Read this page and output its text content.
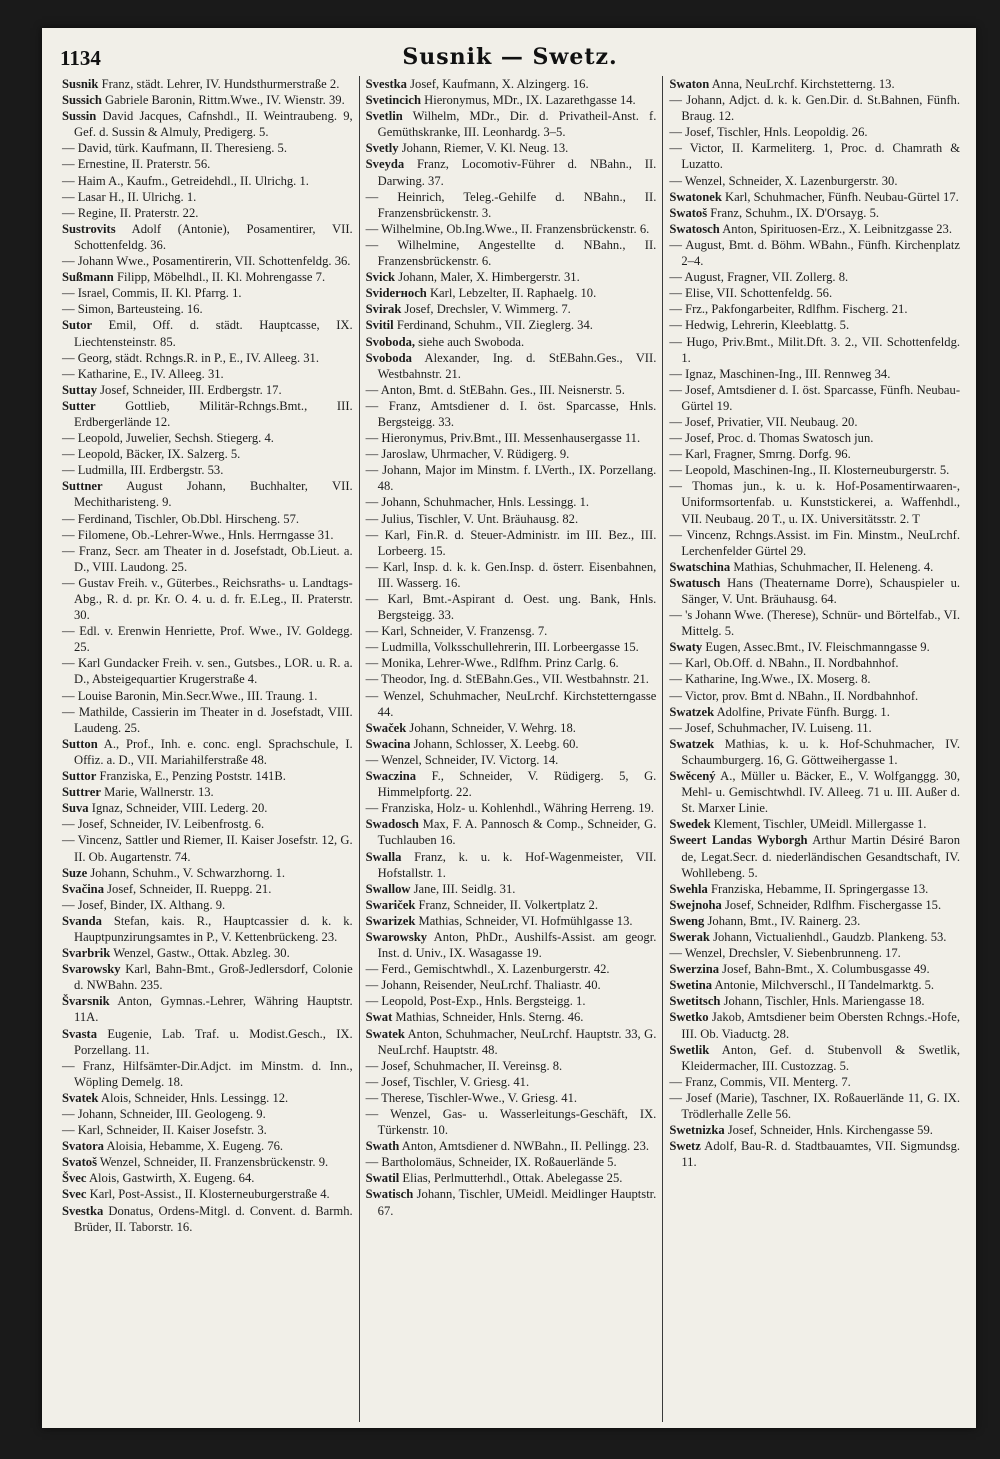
1134	Susnik — Swetz.
Susnik Franz, städt. Lehrer, IV. Hundsthurmerstraße 2.
Sussich Gabriele Baronin, Rittm.Wwe., IV. Wienstr. 39.
Sussin David Jacques, Cafnshdl., II. Weintraubeng. 9, Gef. d. Sussin & Almuly, Predigerg. 5.
— David, türk. Kaufmann, II. Theresieng. 5.
— Ernestine, II. Praterstr. 56.
— Haim A., Kaufm., Getreidehdl., II. Ulrichg. 1.
— Lasar H., II. Ulrichg. 1.
— Regine, II. Praterstr. 22.
Sustrovits Adolf (Antonie), Posamentirer, VII. Schottenfeldg. 36.
— Johann Wwe., Posamentirerin, VII. Schottenfeldg. 36.
Sußmann Filipp, Möbelhdl., II. Kl. Mohrengasse 7.
— Israel, Commis, II. Kl. Pfarrg. 1.
— Simon, Barteusteing. 16.
Sutor Emil, Off. d. städt. Hauptcasse, IX. Liechtensteinstr. 85.
— Georg, städt. Rchngs.R. in P., E., IV. Alleeg. 31.
— Katharine, E., IV. Alleeg. 31.
Suttay Josef, Schneider, III. Erdbergstr. 17.
Sutter Gottlieb, Militär-Rchngs.Bmt., III. Erdbergerlände 12.
— Leopold, Juwelier, Sechsh. Stiegerg. 4.
— Leopold, Bäcker, IX. Salzerg. 5.
— Ludmilla, III. Erdbergstr. 53.
Suttner August Johann, Buchhalter, VII. Mechitharisteng. 9.
— Ferdinand, Tischler, Ob.Dbl. Hirscheng. 57.
— Filomene, Ob.-Lehrer-Wwe., Hnls. Herrngasse 31.
— Franz, Secr. am Theater in d. Josefstadt, Ob.Lieut. a. D., VIII. Laudong. 25.
— Gustav Freih. v., Güterbes., Reichsraths- u. Landtags-Abg., R. d. pr. Kr. O. 4. u. d. fr. E.Leg., II. Praterstr. 30.
— Edl. v. Erenwin Henriette, Prof. Wwe., IV. Goldegg. 25.
— Karl Gundacker Freih. v. sen., Gutsbes., LOR. u. R. a. D., Absteigequartier Krugerstraße 4.
— Louise Baronin, Min.Secr.Wwe., III. Traung. 1.
— Mathilde, Cassierin im Theater in d. Josefstadt, VIII. Laudeng. 25.
Sutton A., Prof., Inh. e. conc. engl. Sprachschule, I. Offiz. a. D., VII. Mariahilferstraße 48.
Suttor Franziska, E., Penzing Poststr. 141B.
Suttrer Marie, Wallnerstr. 13.
Suva Ignaz, Schneider, VIII. Lederg. 20.
— Josef, Schneider, IV. Leibenfrostg. 6.
— Vincenz, Sattler und Riemer, II. Kaiser Josefstr. 12, G. II. Ob. Augartenstr. 74.
Suze Johann, Schuhm., V. Schwarzhorng. 1.
Svačina Josef, Schneider, II. Rueppg. 21.
— Josef, Binder, IX. Althang. 9.
Svanda Stefan, kais. R., Hauptcassier d. k. k. Hauptpunzirungsamtes in P., V. Kettenbrückeng. 23.
Svarbrik Wenzel, Gastw., Ottak. Abzleg. 30.
Svarowsky Karl, Bahn-Bmt., Groß-Jedlersdorf, Colonie d. NWBahn. 235.
Švarsnik Anton, Gymnas.-Lehrer, Währing Hauptstr. 11A.
Svasta Eugenie, Lab. Traf. u. Modist.Gesch., IX. Porzellang. 11.
— Franz, Hilfsämter-Dir.Adjct. im Minstm. d. Inn., Wöpling Demelg. 18.
Svatek Alois, Schneider, Hnls. Lessingg. 12.
— Johann, Schneider, III. Geologeng. 9.
— Karl, Schneider, II. Kaiser Josefstr. 3.
Svatora Aloisia, Hebamme, X. Eugeng. 76.
Svatoš Wenzel, Schneider, II. Franzensbrückenstr. 9.
Švec Alois, Gastwirth, X. Eugeng. 64.
Svec Karl, Post-Assist., II. Klosterneuburgerstraße 4.
Svestka Donatus, Ordens-Mitgl. d. Convent. d. Barmh. Brüder, II. Taborstr. 16.
Svestka Josef, Kaufmann, X. Alzingerg. 16.
Svetincich Hieronymus, MDr., IX. Lazarethgasse 14.
Svetlin Wilhelm, MDr., Dir. d. Privatheil-Anst. f. Gemüthskranke, III. Leonhardg. 3–5.
Svetly Johann, Riemer, V. Kl. Neug. 13.
Sveyda Franz, Locomotiv-Führer d. NBahn., II. Darwing. 37.
— Heinrich, Teleg.-Gehilfe d. NBahn., II. Franzensbrückenstr. 3.
— Wilhelmine, Ob.Ing.Wwe., II. Franzensbrückenstr. 6.
— Wilhelmine, Angestellte d. NBahn., II. Franzensbrückenstr. 6.
Svick Johann, Maler, X. Himbergerstr. 31.
Sviderноch Karl, Lebzelter, II. Raphaelg. 10.
Svirak Josef, Drechsler, V. Wimmerg. 7.
Svitil Ferdinand, Schuhm., VII. Zieglerg. 34.
Svoboda, siehe auch Swoboda.
Svoboda Alexander, Ing. d. StEBahn.Ges., VII. Westbahnstr. 21.
— Anton, Bmt. d. StEBahn. Ges., III. Neisnerstr. 5.
— Franz, Amtsdiener d. I. öst. Sparcasse, Hnls. Bergsteigg. 33.
— Hieronymus, Priv.Bmt., III. Messenhausergasse 11.
— Jaroslaw, Uhrmacher, V. Rüdigerg. 9.
— Johann, Major im Minstm. f. LVerth., IX. Porzellang. 48.
— Johann, Schuhmacher, Hnls. Lessingg. 1.
— Julius, Tischler, V. Unt. Bräuhausg. 82.
— Karl, Fin.R. d. Steuer-Administr. im III. Bez., III. Lorbeerg. 15.
— Karl, Insp. d. k. k. Gen.Insp. d. österr. Eisenbahnen, III. Wasserg. 16.
— Karl, Bmt.-Aspirant d. Oest. ung. Bank, Hnls. Bergsteigg. 33.
— Karl, Schneider, V. Franzensg. 7.
— Ludmilla, Volksschullehrerin, III. Lorbeergasse 15.
— Monika, Lehrer-Wwe., Rdlfhm. Prinz Carlg. 6.
— Theodor, Ing. d. StEBahn.Ges., VII. Westbahnstr. 21.
— Wenzel, Schuhmacher, NeuLrchf. Kirchstetterngasse 44.
Swaček Johann, Schneider, V. Wehrg. 18.
Swacina Johann, Schlosser, X. Leebg. 60.
— Wenzel, Schneider, IV. Victorg. 14.
Swaczina F., Schneider, V. Rüdigerg. 5, G. Himmelpfortg. 22.
— Franziska, Holz- u. Kohlenhdl., Währing Herreng. 19.
Swadosch Max, F. A. Pannosch & Comp., Schneider, G. Tuchlauben 16.
Swalla Franz, k. u. k. Hof-Wagenmeister, VII. Hofstallstr. 1.
Swallow Jane, III. Seidlg. 31.
Swariček Franz, Schneider, II. Volkertplatz 2.
Swarizek Mathias, Schneider, VI. Hofmühlgasse 13.
Swarowsky Anton, PhDr., Aushilfs-Assist. am geogr. Inst. d. Univ., IX. Wasagasse 19.
— Ferd., Gemischtwhdl., X. Lazenburgerstr. 42.
— Johann, Reisender, NeuLrchf. Thaliastr. 40.
— Leopold, Post-Exp., Hnls. Bergsteigg. 1.
Swat Mathias, Schneider, Hnls. Sterng. 46.
Swatek Anton, Schuhmacher, NeuLrchf. Hauptstr. 33, G. NeuLrchf. Hauptstr. 48.
— Josef, Schuhmacher, II. Vereinsg. 8.
— Josef, Tischler, V. Griesg. 41.
— Therese, Tischler-Wwe., V. Griesg. 41.
— Wenzel, Gas- u. Wasserleitungs-Geschäft, IX. Türkenstr. 10.
Swath Anton, Amtsdiener d. NWBahn., II. Pellingg. 23.
— Bartholomäus, Schneider, IX. Roßauerlände 5.
Swatil Elias, Perlmutterhdl., Ottak. Abelegasse 25.
Swatisch Johann, Tischler, UMeidl. Meidlinger Hauptstr. 67.
Swaton Anna, NeuLrchf. Kirchstetterng. 13.
— Johann, Adjct. d. k. k. Gen.Dir. d. St.Bahnen, Fünfh. Braug. 12.
— Josef, Tischler, Hnls. Leopoldig. 26.
— Victor, II. Karmeliterg. 1, Proc. d. Chamrath & Luzatto.
— Wenzel, Schneider, X. Lazenburgerstr. 30.
Swatonek Karl, Schuhmacher, Fünfh. Neubau-Gürtel 17.
Swatoš Franz, Schuhm., IX. D'Orsayg. 5.
Swatosch Anton, Spirituosen-Erz., X. Leibnitzgasse 23.
— August, Bmt. d. Böhm. WBahn., Fünfh. Kirchenplatz 2–4.
— August, Fragner, VII. Zollerg. 8.
— Elise, VII. Schottenfeldg. 56.
— Frz., Pakfongarbeiter, Rdlfhm. Fischerg. 21.
— Hedwig, Lehrerin, Kleeblattg. 5.
— Hugo, Priv.Bmt., Milit.Dft. 3. 2., VII. Schottenfeldg. 1.
— Ignaz, Maschinen-Ing., III. Rennweg 34.
— Josef, Amtsdiener d. I. öst. Sparcasse, Fünfh. Neubau-Gürtel 19.
— Josef, Privatier, VII. Neubaug. 20.
— Josef, Proc. d. Thomas Swatosch jun.
— Karl, Fragner, Smrng. Dorfg. 96.
— Leopold, Maschinen-Ing., II. Klosterneuburgerstr. 5.
— Thomas jun., k. u. k. Hof-Posamentirwaaren-, Uniformsortenfab. u. Kunststickerei, a. Waffenhdl., VII. Neubaug. 20 T., u. IX. Universitätsstr. 2. T
— Vincenz, Rchngs.Assist. im Fin. Minstm., NeuLrchf. Lerchenfelder Gürtel 29.
Swatschina Mathias, Schuhmacher, II. Heleneng. 4.
Swatusch Hans (Theatername Dorre), Schauspieler u. Sänger, V. Unt. Bräuhausg. 64.
— 's Johann Wwe. (Therese), Schnür- und Börtelfab., VI. Mittelg. 5.
Swaty Eugen, Assec.Bmt., IV. Fleischmanngasse 9.
— Karl, Ob.Off. d. NBahn., II. Nordbahnhof.
— Katharine, Ing.Wwe., IX. Moserg. 8.
— Victor, prov. Bmt d. NBahn., II. Nordbahnhof.
Swatzek Adolfine, Private Fünfh. Burgg. 1.
— Josef, Schuhmacher, IV. Luiseng. 11.
Swatzek Mathias, k. u. k. Hof-Schuhmacher, IV. Schaumburgerg. 16, G. Göttweihergasse 1.
Swěcený A., Müller u. Bäcker, E., V. Wolfganggg. 30, Mehl- u. Gemischtwhdl. IV. Alleeg. 71 u. III. Außer d. St. Marxer Linie.
Swedek Klement, Tischler, UMeidl. Millergasse 1.
Sweert Landas Wyborgh Arthur Martin Désiré Baron de, Legat.Secr. d. niederländischen Gesandtschaft, IV. Wohllebeng. 5.
Swehla Franziska, Hebamme, II. Springergasse 13.
Swejnoha Josef, Schneider, Rdlfhm. Fischergasse 15.
Sweng Johann, Bmt., IV. Rainerg. 23.
Swerak Johann, Victualienhdl., Gaudzb. Plankeng. 53.
— Wenzel, Drechsler, V. Siebenbrunneng. 17.
Swerzina Josef, Bahn-Bmt., X. Columbusgasse 49.
Swetina Antonie, Milchverschl., II Tandelmarktg. 5.
Swetitsch Johann, Tischler, Hnls. Mariengasse 18.
Swetko Jakob, Amtsdiener beim Obersten Rchngs.-Hofe, III. Ob. Viaductg. 28.
Swetlik Anton, Gef. d. Stubenvoll & Swetlik, Kleidermacher, III. Custozzag. 5.
— Franz, Commis, VII. Menterg. 7.
— Josef (Marie), Taschner, IX. Roßauerlände 11, G. IX. Trödlerhalle Zelle 56.
Swetnizka Josef, Schneider, Hnls. Kirchengasse 59.
Swetz Adolf, Bau-R. d. Stadtbauamtes, VII. Sigmundsg. 11.
